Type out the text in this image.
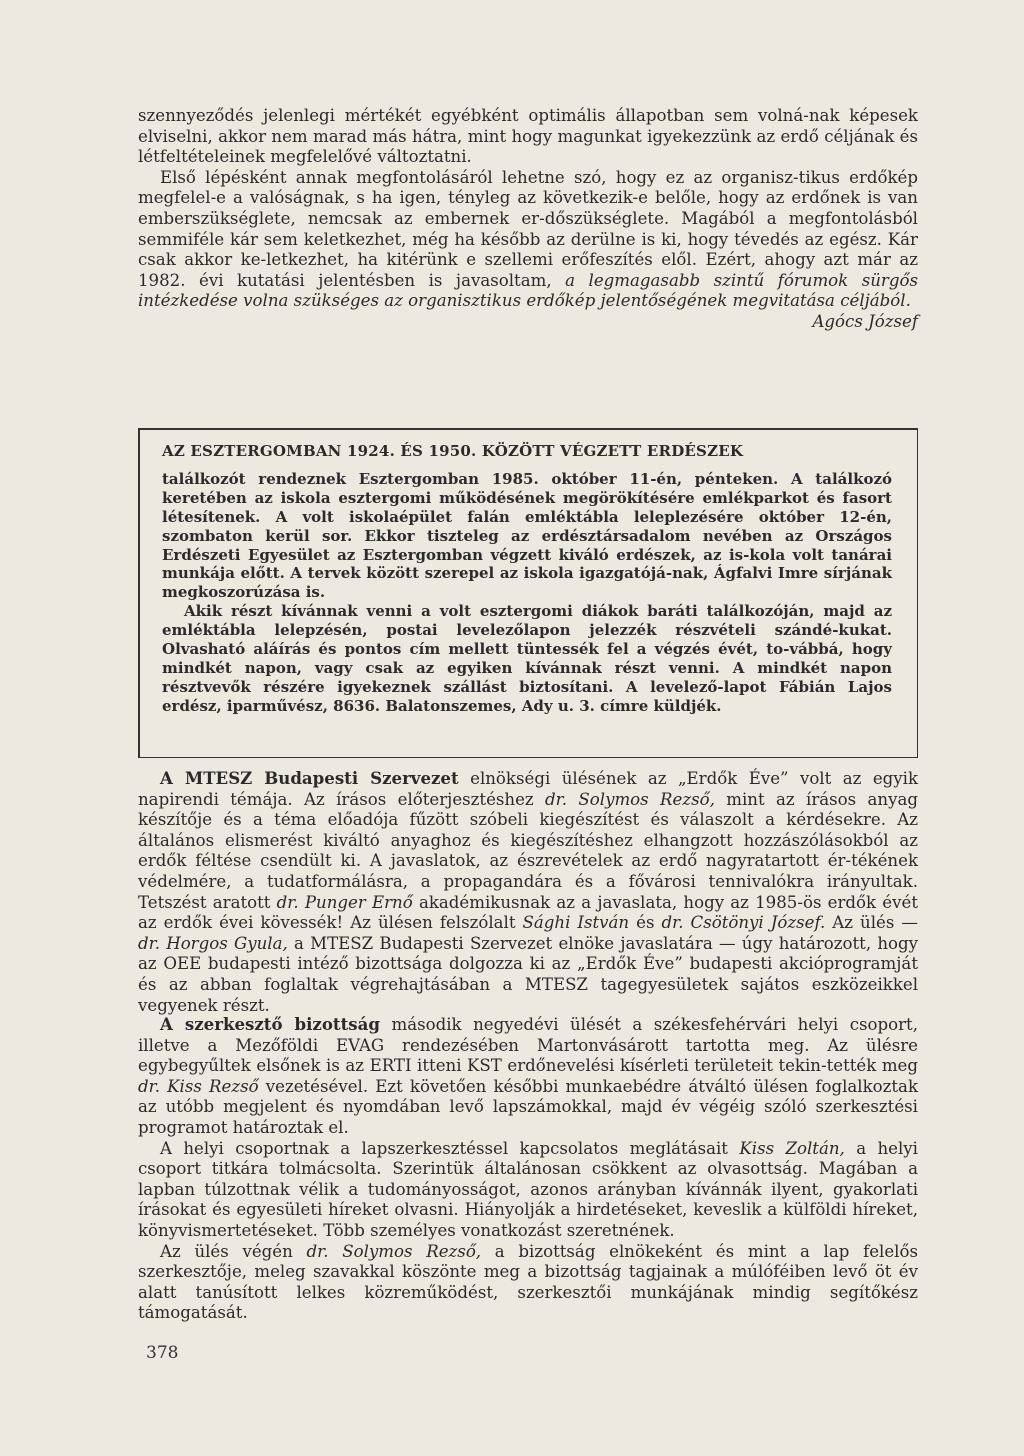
szennyeződés jelenlegi mértékét egyébként optimális állapotban sem volná-nak képesek elviselni, akkor nem marad más hátra, mint hogy magunkat igyekezzünk az erdő céljának és létfeltételeinek megfelelővé változtatni.

Első lépésként annak megfontolásáról lehetne szó, hogy ez az organisz-tikus erdőkép megfelel-e a valóságnak, s ha igen, tényleg az következik-e belőle, hogy az erdőnek is van emberszükséglete, nemcsak az embernek er-dőszükséglete. Magából a megfontolásból semmiféle kár sem keletkezhet, még ha később az derülne is ki, hogy tévedés az egész. Kár csak akkor ke-letkezhet, ha kitérünk e szellemi erőfeszítés elől. Ezért, ahogy azt már az 1982. évi kutatási jelentésben is javasoltam, a legmagasabb szintű fórumok sürgős intézkedése volna szükséges az organisztikus erdőkép jelentőségének megvitatása céljából.

Agócs József

AZ ESZTERGOMBAN 1924. ÉS 1950. KÖZÖTT VÉGZETT ERDÉSZEK

találkozót rendeznek Esztergomban 1985. október 11-én, pénteken. A találkozó keretében az iskola esztergomi működésének megörökítésére emlékparkot és fasort létesítenek. A volt iskolaépület falán emléktábla leleplezésére október 12-én, szombaton kerül sor. Ekkor tiszteleg az erdésztársadalom nevében az Országos Erdészeti Egyesület az Esztergomban végzett kiváló erdészek, az is-kola volt tanárai munkája előtt. A tervek között szerepel az iskola igazgatójá-nak, Ágfalvi Imre sírjának megkoszorúzása is.

Akik részt kívánnak venni a volt esztergomi diákok baráti találkozóján, majd az emléktábla lelepzésén, postai levelezőlapon jelezzék részvételi szándé-kukat. Olvasható aláírás és pontos cím mellett tüntessék fel a végzés évét, to-vábbá, hogy mindkét napon, vagy csak az egyiken kívánnak részt venni. A mindkét napon résztvevők részére igyekeznek szállást biztosítani. A levelező-lapot Fábián Lajos erdész, iparművész, 8636. Balatonszemes, Ady u. 3. címre küldjék.

A MTESZ Budapesti Szervezet elnökségi ülésének az „Erdők Éve” volt az egyik napirendi témája. Az írásos előterjesztéshez dr. Solymos Rezső, mint az írásos anyag készítője és a téma előadója fűzött szóbeli kiegészítést és válaszolt a kérdésekre. Az általános elismerést kiváltó anyaghoz és kiegészítéshez elhangzott hozzászólásokból az erdők féltése csendült ki. A javaslatok, az észrevételek az erdő nagyratartott ér-tékének védelmére, a tudatformálásra, a propagandára és a fővárosi tennivalókra irányultak. Tetszést aratott dr. Punger Ernő akadémikusnak az a javaslata, hogy az 1985-ös erdők évét az erdők évei kövessék! Az ülésen felszólalt Sághi István és dr. Csötönyi József. Az ülés — dr. Horgos Gyula, a MTESZ Budapesti Szervezet elnöke javaslatára — úgy határozott, hogy az OEE budapesti intéző bizottsága dolgozza ki az „Erdők Éve” budapesti akcióprogramját és az abban foglaltak végrehajtásában a MTESZ tagegyesületek sajátos eszközeikkel vegyenek részt.

A szerkesztő bizottság második negyedévi ülését a székesfehérvári helyi csoport, illetve a Mezőföldi EVAG rendezésében Martonvásárott tartotta meg. Az ülésre egybegyűltek elsőnek is az ERTI itteni KST erdőnevelési kísérleti területeit tekin-tették meg dr. Kiss Rezső vezetésével. Ezt követően későbbi munkaebédre átváltó ülésen foglalkoztak az utóbb megjelent és nyomdában levő lapszámokkal, majd év végéig szóló szerkesztési programot határoztak el.

A helyi csoportnak a lapszerkesztéssel kapcsolatos meglátásait Kiss Zoltán, a helyi csoport titkára tolmácsolta. Szerintük általánosan csökkent az olvasottság. Magában a lapban túlzottnak vélik a tudományosságot, azonos arányban kívánnák ilyent, gyakorlati írásokat és egyesületi híreket olvasni. Hiányolják a hirdetéseket, keveslik a külföldi híreket, könyvismertetéseket. Több személyes vonatkozást szeretnének.

Az ülés végén dr. Solymos Rezső, a bizottság elnökeként és mint a lap felelős szerkesztője, meleg szavakkal köszönte meg a bizottság tagjainak a múlóféiben levő öt év alatt tanúsított lelkes közreműködést, szerkesztői munkájának mindig segítőkész támogatását.

378
